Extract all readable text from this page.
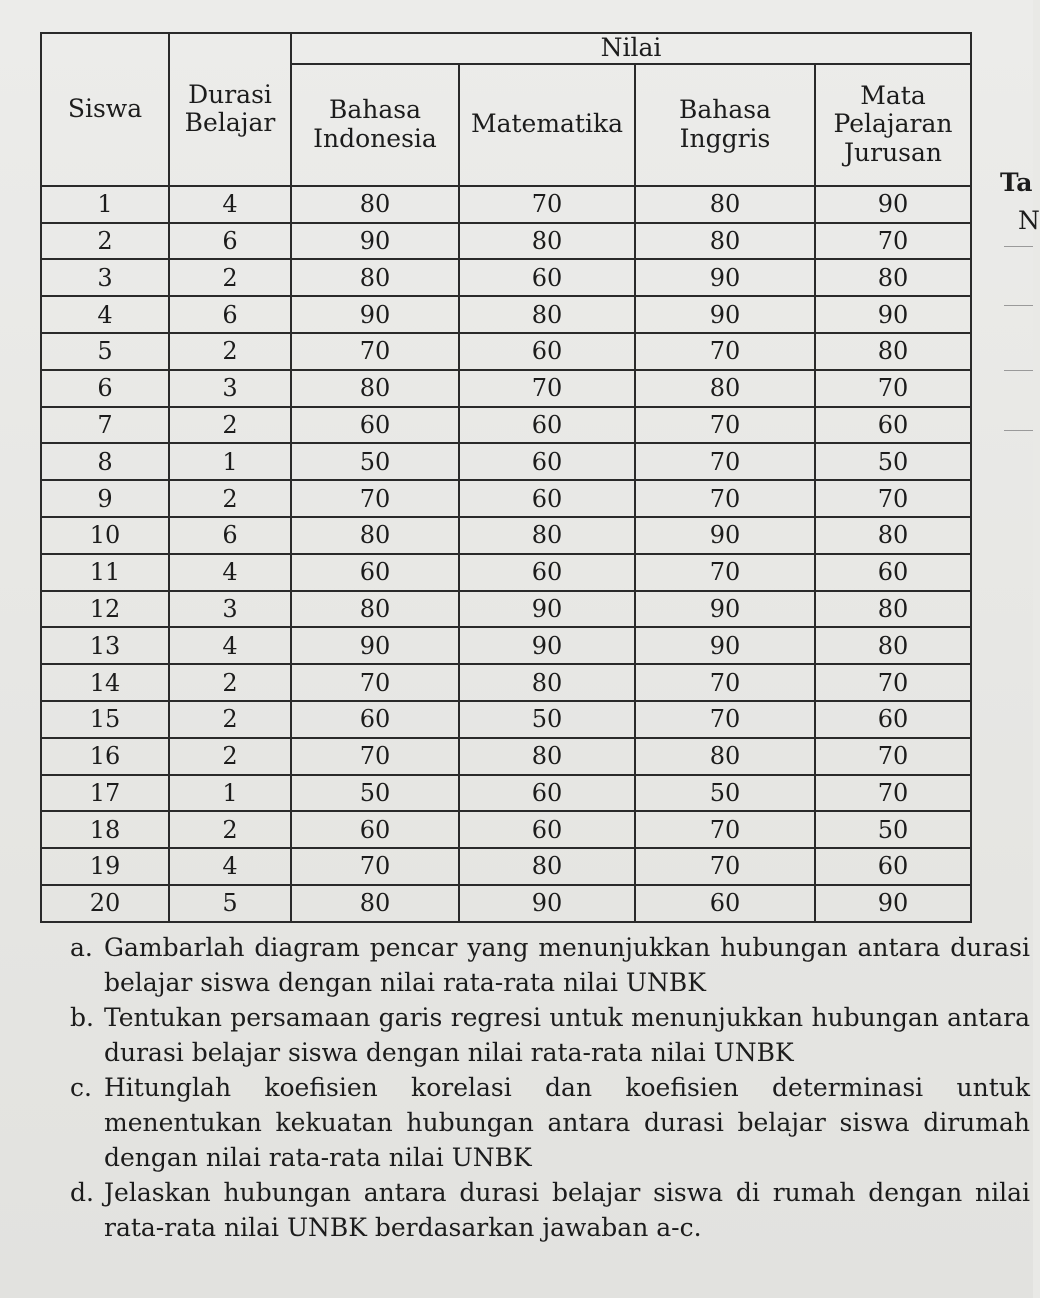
Siswa	Durasi Belajar	Nilai			
		Bahasa Indonesia	Matematika	Bahasa Inggris	Mata Pelajaran Jurusan
1	4	80	70	80	90
2	6	90	80	80	70
3	2	80	60	90	80
4	6	90	80	90	90
5	2	70	60	70	80
6	3	80	70	80	70
7	2	60	60	70	60
8	1	50	60	70	50
9	2	70	60	70	70
10	6	80	80	90	80
11	4	60	60	70	60
12	3	80	90	90	80
13	4	90	90	90	80
14	2	70	80	70	70
15	2	60	50	70	60
16	2	70	80	80	70
17	1	50	60	50	70
18	2	60	60	70	50
19	4	70	80	70	60
20	5	80	90	60	90
Ta
N
a. Gambarlah diagram pencar yang menunjukkan hubungan antara durasi belajar siswa dengan nilai rata-rata nilai UNBK
b. Tentukan persamaan garis regresi untuk menunjukkan hubungan antara durasi belajar siswa dengan nilai rata-rata nilai UNBK
c. Hitunglah koefisien korelasi dan koefisien determinasi untuk menentukan kekuatan hubungan antara durasi belajar siswa dirumah dengan nilai rata-rata nilai UNBK
d. Jelaskan hubungan antara durasi belajar siswa di rumah dengan nilai rata-rata nilai UNBK berdasarkan jawaban a-c.
